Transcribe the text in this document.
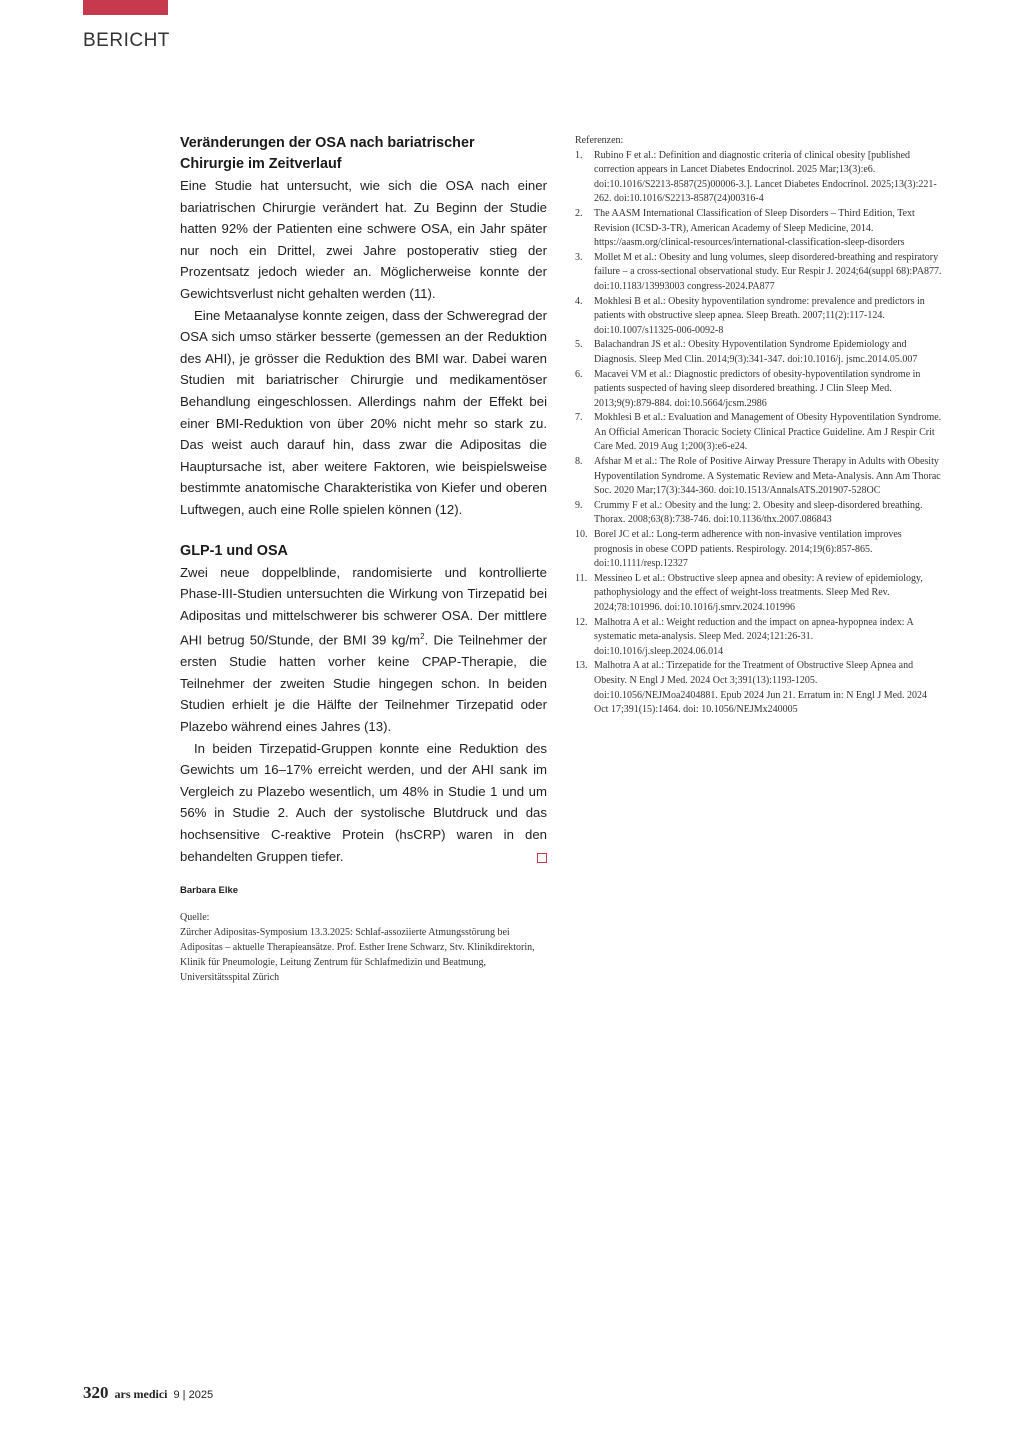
BERICHT
Veränderungen der OSA nach bariatrischer
Chirurgie im Zeitverlauf

Eine Studie hat untersucht, wie sich die OSA nach einer bariatrischen Chirurgie verändert hat. Zu Beginn der Studie hatten 92% der Patienten eine schwere OSA, ein Jahr später nur noch ein Drittel, zwei Jahre postoperativ stieg der Prozentsatz jedoch wieder an. Möglicherweise konnte der Gewichtsverlust nicht gehalten werden (11).

Eine Metaanalyse konnte zeigen, dass der Schweregrad der OSA sich umso stärker besserte (gemessen an der Reduktion des AHI), je grösser die Reduktion des BMI war. Dabei waren Studien mit bariatrischer Chirurgie und medikamentöser Behandlung eingeschlossen. Allerdings nahm der Effekt bei einer BMI-Reduktion von über 20% nicht mehr so stark zu. Das weist auch darauf hin, dass zwar die Adipositas die Hauptursache ist, aber weitere Faktoren, wie beispielsweise bestimmte anatomische Charakteristika von Kiefer und oberen Luftwegen, auch eine Rolle spielen können (12).

GLP-1 und OSA

Zwei neue doppelblinde, randomisierte und kontrollierte Phase-III-Studien untersuchten die Wirkung von Tirzepatid bei Adipositas und mittelschwerer bis schwerer OSA. Der mittlere AHI betrug 50/Stunde, der BMI 39 $kg/m^2$. Die Teilnehmer der ersten Studie hatten vorher keine CPAP-Therapie, die Teilnehmer der zweiten Studie hingegen schon. In beiden Studien erhielt je die Hälfte der Teilnehmer Tirzepatid oder Plazebo während eines Jahres (13).

In beiden Tirzepatid-Gruppen konnte eine Reduktion des Gewichts um 16–17% erreicht werden, und der AHI sank im Vergleich zu Plazebo wesentlich, um 48% in Studie 1 und um 56% in Studie 2. Auch der systolische Blutdruck und das hochsensitive C-reaktive Protein (hsCRP) waren in den behandelten Gruppen tiefer.

Barbara Elke
Quelle:
Zürcher Adipositas-Symposium 13.3.2025: Schlaf-assoziierte Atmungsstörung bei Adipositas – aktuelle Therapieansätze. Prof. Esther Irene Schwarz, Stv. Klinikdirektorin, Klinik für Pneumologie, Leitung Zentrum für Schlafmedizin und Beatmung, Universitätsspital Zürich
Referenzen:
1.	Rubino F et al.: Definition and diagnostic criteria of clinical obesity [published correction appears in Lancet Diabetes Endocrinol. 2025 Mar;13(3):e6. doi:10.1016/S2213-8587(25)00006-3.]. Lancet Diabetes Endocrinol. 2025;13(3):221-262. doi:10.1016/S2213-8587(24)00316-4
2.	The AASM International Classification of Sleep Disorders – Third Edition, Text Revision (ICSD-3-TR), American Academy of Sleep Medicine, 2014. https://aasm.org/clinical-resources/international-classification-sleep-disorders
3.	Mollet M et al.: Obesity and lung volumes, sleep disordered-breathing and respiratory failure – a cross-sectional observational study. Eur Respir J. 2024;64(suppl 68):PA877. doi:10.1183/13993003 congress-2024.PA877
4.	Mokhlesi B et al.: Obesity hypoventilation syndrome: prevalence and predictors in patients with obstructive sleep apnea. Sleep Breath. 2007;11(2):117-124. doi:10.1007/s11325-006-0092-8
5.	Balachandran JS et al.: Obesity Hypoventilation Syndrome Epidemiology and Diagnosis. Sleep Med Clin. 2014;9(3):341-347. doi:10.1016/j. jsmc.2014.05.007
6.	Macavei VM et al.: Diagnostic predictors of obesity-hypoventilation syndrome in patients suspected of having sleep disordered breathing. J Clin Sleep Med. 2013;9(9):879-884. doi:10.5664/jcsm.2986
7.	Mokhlesi B et al.: Evaluation and Management of Obesity Hypoventilation Syndrome. An Official American Thoracic Society Clinical Practice Guideline. Am J Respir Crit Care Med. 2019 Aug 1;200(3):e6-e24.
8.	Afshar M et al.: The Role of Positive Airway Pressure Therapy in Adults with Obesity Hypoventilation Syndrome. A Systematic Review and Meta-Analysis. Ann Am Thorac Soc. 2020 Mar;17(3):344-360. doi:10.1513/AnnalsATS.201907-528OC
9.	Crummy F et al.: Obesity and the lung: 2. Obesity and sleep-disordered breathing. Thorax. 2008;63(8):738-746. doi:10.1136/thx.2007.086843
10. Borel JC et al.: Long-term adherence with non-invasive ventilation improves prognosis in obese COPD patients. Respirology. 2014;19(6):857-865. doi:10.1111/resp.12327
11. Messineo L et al.: Obstructive sleep apnea and obesity: A review of epidemiology, pathophysiology and the effect of weight-loss treatments. Sleep Med Rev. 2024;78:101996. doi:10.1016/j.smrv.2024.101996
12. Malhotra A et al.: Weight reduction and the impact on apnea-hypopnea index: A systematic meta-analysis. Sleep Med. 2024;121:26-31. doi:10.1016/j.sleep.2024.06.014
13. Malhotra A at al.: Tirzepatide for the Treatment of Obstructive Sleep Apnea and Obesity. N Engl J Med. 2024 Oct 3;391(13):1193-1205. doi:10.1056/NEJMoa2404881. Epub 2024 Jun 21. Erratum in: N Engl J Med. 2024 Oct 17;391(15):1464. doi: 10.1056/NEJMx240005
320 ars medici 9 | 2025
